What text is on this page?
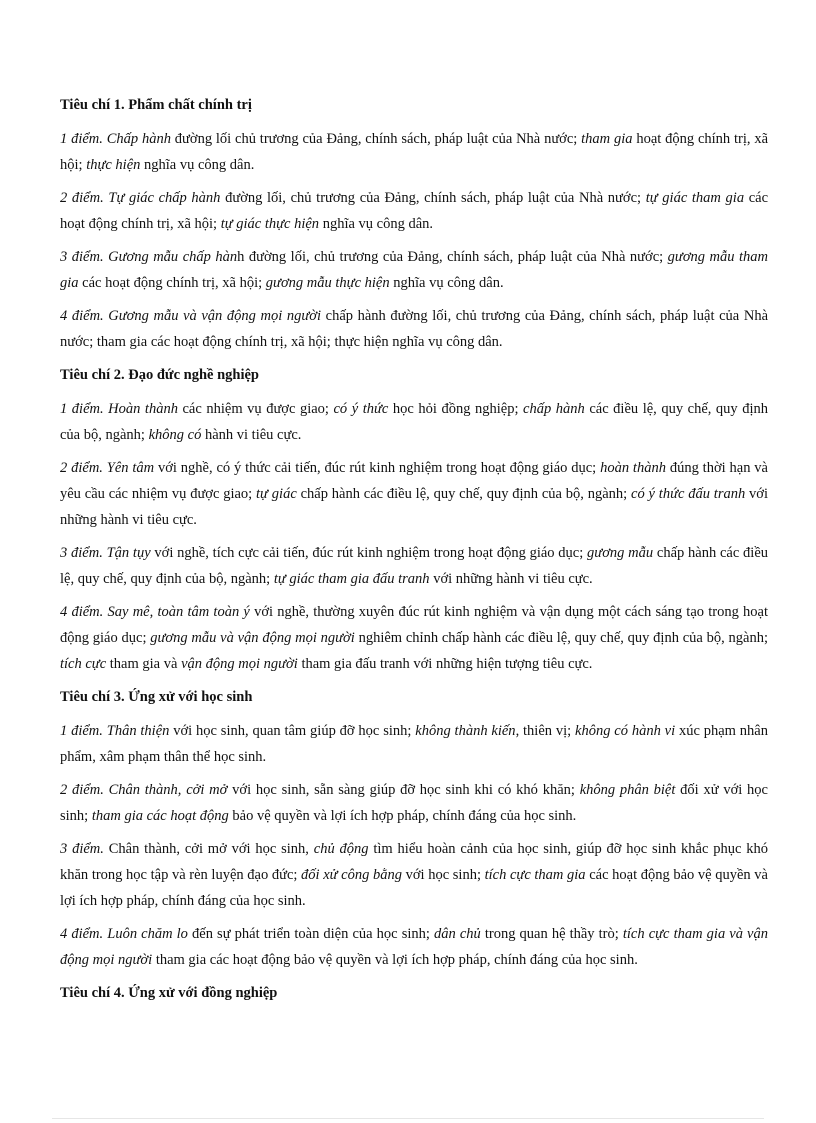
Tiêu chí 1. Phẩm chất chính trị

1 điểm. Chấp hành đường lối chủ trương của Đảng, chính sách, pháp luật của Nhà nước; tham gia hoạt động chính trị, xã hội; thực hiện nghĩa vụ công dân.

2 điểm. Tự giác chấp hành đường lối, chủ trương của Đảng, chính sách, pháp luật của Nhà nước; tự giác tham gia các hoạt động chính trị, xã hội; tự giác thực hiện nghĩa vụ công dân.

3 điểm. Gương mẫu chấp hành đường lối, chủ trương của Đảng, chính sách, pháp luật của Nhà nước; gương mẫu tham gia các hoạt động chính trị, xã hội; gương mẫu thực hiện nghĩa vụ công dân.

4 điểm. Gương mẫu và vận động mọi người chấp hành đường lối, chủ trương của Đảng, chính sách, pháp luật của Nhà nước; tham gia các hoạt động chính trị, xã hội; thực hiện nghĩa vụ công dân.

Tiêu chí 2. Đạo đức nghề nghiệp

1 điểm. Hoàn thành các nhiệm vụ được giao; có ý thức học hỏi đồng nghiệp; chấp hành các điều lệ, quy chế, quy định của bộ, ngành; không có hành vi tiêu cực.

2 điểm. Yên tâm với nghề, có ý thức cải tiến, đúc rút kinh nghiệm trong hoạt động giáo dục; hoàn thành đúng thời hạn và yêu cầu các nhiệm vụ được giao; tự giác chấp hành các điều lệ, quy chế, quy định của bộ, ngành; có ý thức đấu tranh với những hành vi tiêu cực.

3 điểm. Tận tụy với nghề, tích cực cải tiến, đúc rút kinh nghiệm trong hoạt động giáo dục; gương mẫu chấp hành các điều lệ, quy chế, quy định của bộ, ngành; tự giác tham gia đấu tranh với những hành vi tiêu cực.

4 điểm. Say mê, toàn tâm toàn ý với nghề, thường xuyên đúc rút kinh nghiệm và vận dụng một cách sáng tạo trong hoạt động giáo dục; gương mẫu và vận động mọi người nghiêm chỉnh chấp hành các điều lệ, quy chế, quy định của bộ, ngành; tích cực tham gia và vận động mọi người tham gia đấu tranh với những hiện tượng tiêu cực.

Tiêu chí 3. Ứng xử với học sinh

1 điểm. Thân thiện với học sinh, quan tâm giúp đỡ học sinh; không thành kiến, thiên vị; không có hành vi xúc phạm nhân phẩm, xâm phạm thân thể học sinh.

2 điểm. Chân thành, cởi mở với học sinh, sẵn sàng giúp đỡ học sinh khi có khó khăn; không phân biệt đối xử với học sinh; tham gia các hoạt động bảo vệ quyền và lợi ích hợp pháp, chính đáng của học sinh.

3 điểm. Chân thành, cởi mở với học sinh, chủ động tìm hiểu hoàn cảnh của học sinh, giúp đỡ học sinh khắc phục khó khăn trong học tập và rèn luyện đạo đức; đối xử công bằng với học sinh; tích cực tham gia các hoạt động bảo vệ quyền và lợi ích hợp pháp, chính đáng của học sinh.

4 điểm. Luôn chăm lo đến sự phát triển toàn diện của học sinh; dân chủ trong quan hệ thầy trò; tích cực tham gia và vận động mọi người tham gia các hoạt động bảo vệ quyền và lợi ích hợp pháp, chính đáng của học sinh.

Tiêu chí 4. Ứng xử với đồng nghiệp
